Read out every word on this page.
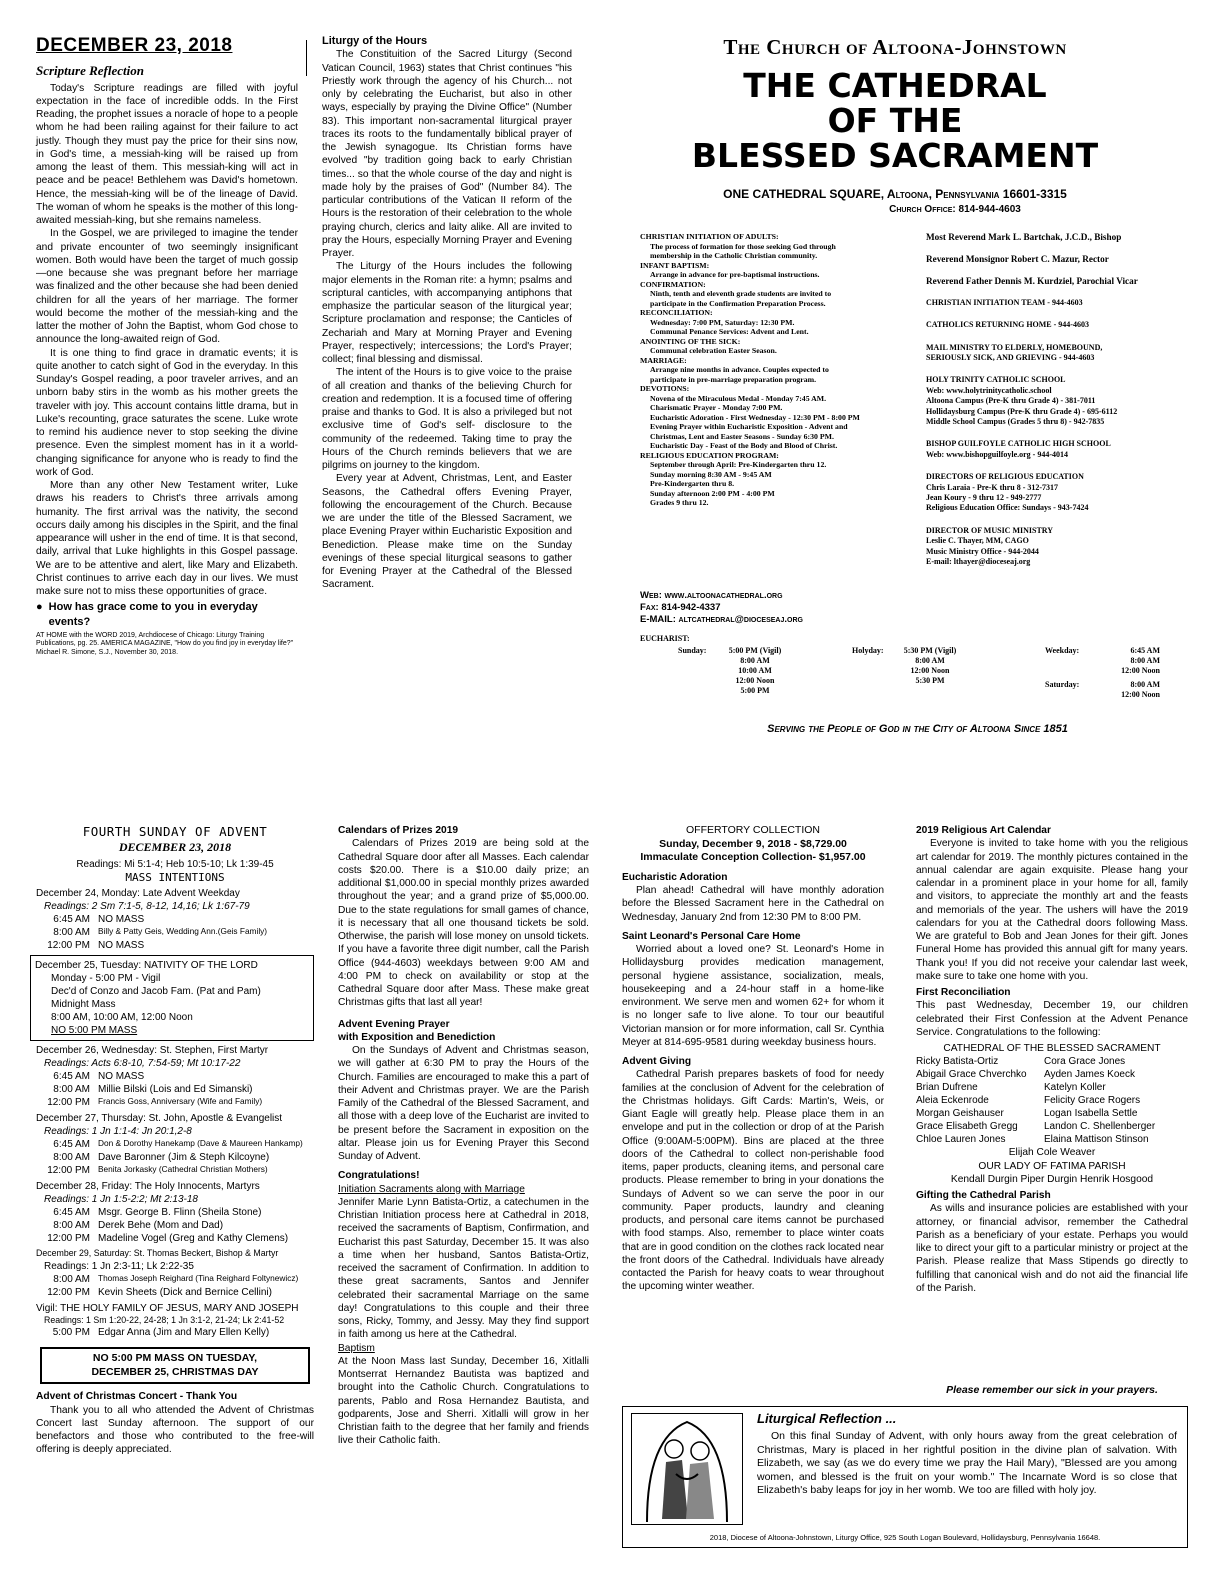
DECEMBER 23, 2018
Scripture Reflection

Today's Scripture readings are filled with joyful expectation in the face of incredible odds. In the First Reading, the prophet issues a noracle of hope to a people whom he had been railing against for their failure to act justly. Though they must pay the price for their sins now, in God's time, a messiah-king will be raised up from among the least of them. This messiah-king will act in peace and be peace! Bethlehem was David's hometown. Hence, the messiah-king will be of the lineage of David. The woman of whom he speaks is the mother of this long-awaited messiah-king, but she remains nameless.

In the Gospel, we are privileged to imagine the tender and private encounter of two seemingly insignificant women. Both would have been the target of much gossip—one because she was pregnant before her marriage was finalized and the other because she had been denied children for all the years of her marriage. The former would become the mother of the messiah-king and the latter the mother of John the Baptist, whom God chose to announce the long-awaited reign of God.

It is one thing to find grace in dramatic events; it is quite another to catch sight of God in the everyday. In this Sunday's Gospel reading, a poor traveler arrives, and an unborn baby stirs in the womb as his mother greets the traveler with joy. This account contains little drama, but in Luke's recounting, grace saturates the scene. Luke wrote to remind his audience never to stop seeking the divine presence. Even the simplest moment has in it a world-changing significance for anyone who is ready to find the work of God.

More than any other New Testament writer, Luke draws his readers to Christ's three arrivals among humanity. The first arrival was the nativity, the second occurs daily among his disciples in the Spirit, and the final appearance will usher in the end of time. It is that second, daily, arrival that Luke highlights in this Gospel passage. We are to be attentive and alert, like Mary and Elizabeth. Christ continues to arrive each day in our lives. We must make sure not to miss these opportunities of grace.

● How has grace come to you in everyday events?
AT HOME with the WORD 2019, Archdiocese of Chicago: Liturgy Training Publications, pg. 25. AMERICA MAGAZINE, "How do you find joy in everyday life?" Michael R. Simone, S.J., November 30, 2018.
Liturgy of the Hours

The Constituition of the Sacred Liturgy (Second Vatican Council, 1963) states that Christ continues "his Priestly work through the agency of his Church... not only by celebrating the Eucharist, but also in other ways, especially by praying the Divine Office" (Number 83). This important non-sacramental liturgical prayer traces its roots to the fundamentally biblical prayer of the Jewish synagogue. Its Christian forms have evolved "by tradition going back to early Christian times... so that the whole course of the day and night is made holy by the praises of God" (Number 84). The particular contributions of the Vatican II reform of the Hours is the restoration of their celebration to the whole praying church, clerics and laity alike. All are invited to pray the Hours, especially Morning Prayer and Evening Prayer.

The Liturgy of the Hours includes the following major elements in the Roman rite: a hymn; psalms and scriptural canticles, with accompanying antiphons that emphasize the particular season of the liturgical year; Scripture proclamation and response; the Canticles of Zechariah and Mary at Morning Prayer and Evening Prayer, respectively; intercessions; the Lord's Prayer; collect; final blessing and dismissal.

The intent of the Hours is to give voice to the praise of all creation and thanks of the believing Church for creation and redemption. It is a focused time of offering praise and thanks to God. It is also a privileged but not exclusive time of God's self- disclosure to the community of the redeemed. Taking time to pray the Hours of the Church reminds believers that we are pilgrims on journey to the kingdom.

Every year at Advent, Christmas, Lent, and Easter Seasons, the Cathedral offers Evening Prayer, following the encouragement of the Church. Because we are under the title of the Blessed Sacrament, we place Evening Prayer within Eucharistic Exposition and Benediction. Please make time on the Sunday evenings of these special liturgical seasons to gather for Evening Prayer at the Cathedral of the Blessed Sacrament.

The Church of Altoona-Johnstown
THE CATHEDRAL
OF THE
BLESSED SACRAMENT
ONE CATHEDRAL SQUARE, Altoona, Pennsylvania 16601-3315
Church Office: 814-944-4603
CHRISTIAN INITIATION OF ADULTS:
The process of formation for those seeking God through
membership in the Catholic Christian community.
INFANT BAPTISM:
Arrange in advance for pre-baptismal instructions.
CONFIRMATION:
Ninth, tenth and eleventh grade students are invited to
participate in the Confirmation Preparation Process.
RECONCILIATION:
Wednesday: 7:00 PM, Saturday: 12:30 PM.
Communal Penance Services: Advent and Lent.
ANOINTING OF THE SICK:
Communal celebration Easter Season.
MARRIAGE:
Arrange nine months in advance. Couples expected to
participate in pre-marriage preparation program.
DEVOTIONS:
Novena of the Miraculous Medal - Monday 7:45 AM.
Charismatic Prayer - Monday 7:00 PM.
Eucharistic Adoration - First Wednesday - 12:30 PM - 8:00 PM
Evening Prayer within Eucharistic Exposition - Advent and
Christmas, Lent and Easter Seasons - Sunday 6:30 PM.
Eucharistic Day - Feast of the Body and Blood of Christ.
RELIGIOUS EDUCATION PROGRAM:
September through April: Pre-Kindergarten thru 12.
Sunday morning 8:30 AM - 9:45 AM
Pre-Kindergarten thru 8.
Sunday afternoon 2:00 PM - 4:00 PM
Grades 9 thru 12.
Web: www.altoonacathedral.org
Fax: 814-942-4337
E-MAIL: altcathedral@dioceseaj.org
Most Reverend Mark L. Bartchak, J.C.D., Bishop
Reverend Monsignor Robert C. Mazur, Rector
Reverend Father Dennis M. Kurdziel, Parochial Vicar
CHRISTIAN INITIATION TEAM - 944-4603
CATHOLICS RETURNING HOME - 944-4603
MAIL MINISTRY TO ELDERLY, HOMEBOUND,
SERIOUSLY SICK, AND GRIEVING - 944-4603
HOLY TRINITY CATHOLIC SCHOOL
Web: www.holytrinitycatholic.school
Altoona Campus (Pre-K thru Grade 4) - 381-7011
Hollidaysburg Campus (Pre-K thru Grade 4) - 695-6112
Middle School Campus (Grades 5 thru 8) - 942-7835
BISHOP GUILFOYLE CATHOLIC HIGH SCHOOL
Web: www.bishopguilfoyle.org - 944-4014
DIRECTORS OF RELIGIOUS EDUCATION
Chris Laraia - Pre-K thru 8 - 312-7317
Jean Koury - 9 thru 12 - 949-2777
Religious Education Office: Sundays - 943-7424
DIRECTOR OF MUSIC MINISTRY
Leslie C. Thayer, MM, CAGO
Music Ministry Office - 944-2044
E-mail: lthayer@dioceseaj.org
EUCHARIST:
Sunday:	5:00 PM (Vigil)
8:00 AM
10:00 AM
12:00 Noon
5:00 PM
Holyday:	5:30 PM (Vigil)
8:00 AM
12:00 Noon
5:30 PM
Weekday:	6:45 AM
8:00 AM
12:00 Noon
Saturday:	8:00 AM
12:00 Noon
Serving the People of God in the City of Altoona Since 1851
FOURTH SUNDAY OF ADVENT
DECEMBER 23, 2018
Readings: Mi 5:1-4; Heb 10:5-10; Lk 1:39-45
MASS INTENTIONS
December 24, Monday: Late Advent Weekday
Readings: 2 Sm 7:1-5, 8-12, 14,16; Lk 1:67-79
6:45 AM NO MASS
8:00 AM Billy & Patty Geis, Wedding Ann.(Geis Family)
12:00 PM NO MASS
December 25, Tuesday: NATIVITY OF THE LORD
Monday - 5:00 PM - Vigil
Dec'd of Conzo and Jacob Fam. (Pat and Pam)
Midnight Mass
8:00 AM, 10:00 AM, 12:00 Noon
NO 5:00 PM MASS
December 26, Wednesday: St. Stephen, First Martyr
Readings: Acts 6:8-10, 7:54-59; Mt 10:17-22
6:45 AM NO MASS
8:00 AM Millie Bilski (Lois and Ed Simanski)
12:00 PM Francis Goss, Anniversary (Wife and Family)
December 27, Thursday: St. John, Apostle & Evangelist
Readings: 1 Jn 1:1-4: Jn 20:1,2-8
6:45 AM Don & Dorothy Hanekamp (Dave & Maureen Hankamp)
8:00 AM Dave Baronner (Jim & Steph Kilcoyne)
12:00 PM Benita Jorkasky (Cathedral Christian Mothers)
December 28, Friday: The Holy Innocents, Martyrs
Readings: 1 Jn 1:5-2:2; Mt 2:13-18
6:45 AM Msgr. George B. Flinn (Sheila Stone)
8:00 AM Derek Behe (Mom and Dad)
12:00 PM Madeline Vogel (Greg and Kathy Clemens)
December 29, Saturday: St. Thomas Beckert, Bishop & Martyr
Readings: 1 Jn 2:3-11; Lk 2:22-35
8:00 AM Thomas Joseph Reighard (Tina Reighard Foltynewicz)
12:00 PM Kevin Sheets (Dick and Bernice Cellini)
Vigil: THE HOLY FAMILY OF JESUS, MARY AND JOSEPH
Readings: 1 Sm 1:20-22, 24-28; 1 Jn 3:1-2, 21-24; Lk 2:41-52
5:00 PM Edgar Anna (Jim and Mary Ellen Kelly)
NO 5:00 PM MASS ON TUESDAY,
DECEMBER 25, CHRISTMAS DAY
Advent of Christmas Concert - Thank You

Thank you to all who attended the Advent of Christmas Concert last Sunday afternoon. The support of our benefactors and those who contributed to the free-will offering is deeply appreciated.

Calendars of Prizes 2019

Calendars of Prizes 2019 are being sold at the Cathedral Square door after all Masses. Each calendar costs $20.00. There is a $10.00 daily prize; an additional $1,000.00 in special monthly prizes awarded throughout the year; and a grand prize of $5,000.00. Due to the state regulations for small games of chance, it is necessary that all one thousand tickets be sold. Otherwise, the parish will lose money on unsold tickets. If you have a favorite three digit number, call the Parish Office (944-4603) weekdays between 9:00 AM and 4:00 PM to check on availability or stop at the Cathedral Square door after Mass. These make great Christmas gifts that last all year!

Advent Evening Prayer
with Exposition and Benediction

On the Sundays of Advent and Christmas season, we will gather at 6:30 PM to pray the Hours of the Church. Families are encouraged to make this a part of their Advent and Christmas prayer. We are the Parish Family of the Cathedral of the Blessed Sacrament, and all those with a deep love of the Eucharist are invited to be present before the Sacrament in exposition on the altar. Please join us for Evening Prayer this Second Sunday of Advent.

Congratulations!
Initiation Sacraments along with Marriage

Jennifer Marie Lynn Batista-Ortiz, a catechumen in the Christian Initiation process here at Cathedral in 2018, received the sacraments of Baptism, Confirmation, and Eucharist this past Saturday, December 15. It was also a time when her husband, Santos Batista-Ortiz, received the sacrament of Confirmation. In addition to these great sacraments, Santos and Jennifer celebrated their sacramental Marriage on the same day! Congratulations to this couple and their three sons, Ricky, Tommy, and Jessy. May they find support in faith among us here at the Cathedral.

Baptism

At the Noon Mass last Sunday, December 16, Xitlalli Montserrat Hernandez Bautista was baptized and brought into the Catholic Church. Congratulations to parents, Pablo and Rosa Hernandez Bautista, and godparents, Jose and Sherri. Xitlalli will grow in her Christian faith to the degree that her family and friends live their Catholic faith.

OFFERTORY COLLECTION
Sunday, December 9, 2018 - $8,729.00
Immaculate Conception Collection- $1,957.00
Eucharistic Adoration

Plan ahead! Cathedral will have monthly adoration before the Blessed Sacrament here in the Cathedral on Wednesday, January 2nd from 12:30 PM to 8:00 PM.

Saint Leonard's Personal Care Home

Worried about a loved one? St. Leonard's Home in Hollidaysburg provides medication management, personal hygiene assistance, socialization, meals, housekeeping and a 24-hour staff in a home-like environment. We serve men and women 62+ for whom it is no longer safe to live alone. To tour our beautiful Victorian mansion or for more information, call Sr. Cynthia Meyer at 814-695-9581 during weekday business hours.

Advent Giving

Cathedral Parish prepares baskets of food for needy families at the conclusion of Advent for the celebration of the Christmas holidays. Gift Cards: Martin's, Weis, or Giant Eagle will greatly help. Please place them in an envelope and put in the collection or drop of at the Parish Office (9:00AM-5:00PM). Bins are placed at the three doors of the Cathedral to collect non-perishable food items, paper products, cleaning items, and personal care products. Please remember to bring in your donations the Sundays of Advent so we can serve the poor in our community. Paper products, laundry and cleaning products, and personal care items cannot be purchased with food stamps. Also, remember to place winter coats that are in good condition on the clothes rack located near the front doors of the Cathedral. Individuals have already contacted the Parish for heavy coats to wear throughout the upcoming winter weather.

2019 Religious Art Calendar

Everyone is invited to take home with you the religious art calendar for 2019. The monthly pictures contained in the annual calendar are again exquisite. Please hang your calendar in a prominent place in your home for all, family and visitors, to appreciate the monthly art and the feasts and memorials of the year. The ushers will have the 2019 calendars for you at the Cathedral doors following Mass. We are grateful to Bob and Jean Jones for their gift. Jones Funeral Home has provided this annual gift for many years. Thank you! If you did not receive your calendar last week, make sure to take one home with you.

First Reconciliation

This past Wednesday, December 19, our children celebrated their First Confession at the Advent Penance Service. Congratulations to the following:

CATHEDRAL OF THE BLESSED SACRAMENT
Ricky Batista-Ortiz	Cora Grace Jones
Abigail Grace Chverchko	Ayden James Koeck
Brian Dufrene	Katelyn Koller
Aleia Eckenrode	Felicity Grace Rogers
Morgan Geishauser	Logan Isabella Settle
Grace Elisabeth Gregg	Landon C. Shellenberger
Chloe Lauren Jones	Elaina Mattison Stinson
Elijah Cole Weaver
OUR LADY OF FATIMA PARISH
Kendall Durgin Piper Durgin Henrik Hosgood
Gifting the Cathedral Parish

As wills and insurance policies are established with your attorney, or financial advisor, remember the Cathedral Parish as a beneficiary of your estate. Perhaps you would like to direct your gift to a particular ministry or project at the Parish. Please realize that Mass Stipends go directly to fulfilling that canonical wish and do not aid the financial life of the Parish.

Please remember our sick in your prayers.
Liturgical Reflection ...

On this final Sunday of Advent, with only hours away from the great celebration of Christmas, Mary is placed in her rightful position in the divine plan of salvation. With Elizabeth, we say (as we do every time we pray the Hail Mary), "Blessed are you among women, and blessed is the fruit on your womb." The Incarnate Word is so close that Elizabeth's baby leaps for joy in her womb. We too are filled with holy joy.

2018, Diocese of Altoona-Johnstown, Liturgy Office, 925 South Logan Boulevard, Hollidaysburg, Pennsylvania 16648.
